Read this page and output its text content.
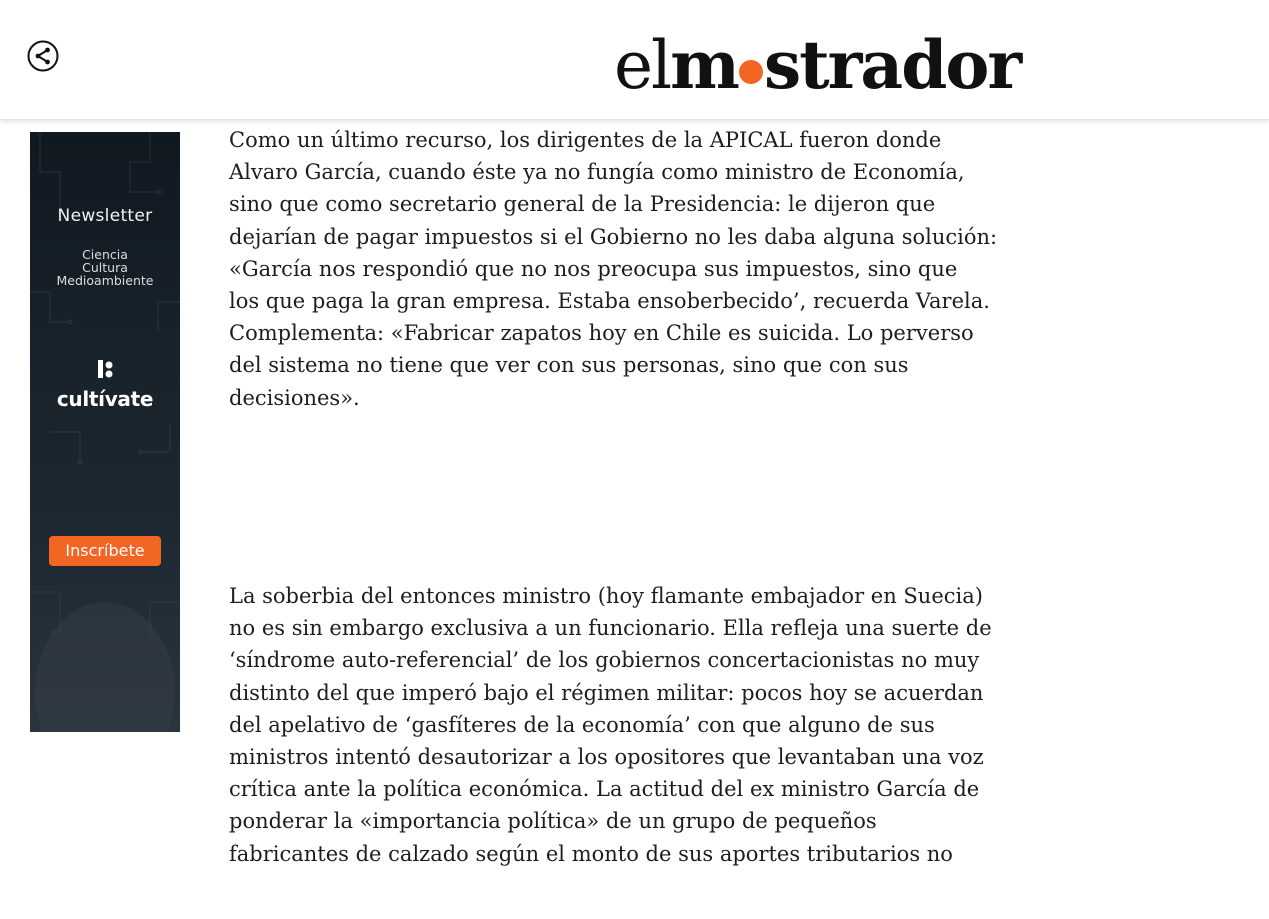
el m strador
Newsletter
Ciencia
Cultura
Medioambiente
cultívate
Inscríbete

Como un último recurso, los dirigentes de la APICAL fueron donde
Alvaro García, cuando éste ya no fungía como ministro de Economía,
sino que como secretario general de la Presidencia: le dijeron que
dejarían de pagar impuestos si el Gobierno no les daba alguna solución:
«García nos respondió que no nos preocupa sus impuestos, sino que
los que paga la gran empresa. Estaba ensoberbecido’, recuerda Varela.
Complementa: «Fabricar zapatos hoy en Chile es suicida. Lo perverso
del sistema no tiene que ver con sus personas, sino que con sus
decisiones».

La soberbia del entonces ministro (hoy flamante embajador en Suecia)
no es sin embargo exclusiva a un funcionario. Ella refleja una suerte de
‘síndrome auto-referencial’ de los gobiernos concertacionistas no muy
distinto del que imperó bajo el régimen militar: pocos hoy se acuerdan
del apelativo de ‘gasfíteres de la economía’ con que alguno de sus
ministros intentó desautorizar a los opositores que levantaban una voz
crítica ante la política económica. La actitud del ex ministro García de
ponderar la «importancia política» de un grupo de pequeños
fabricantes de calzado según el monto de sus aportes tributarios no
